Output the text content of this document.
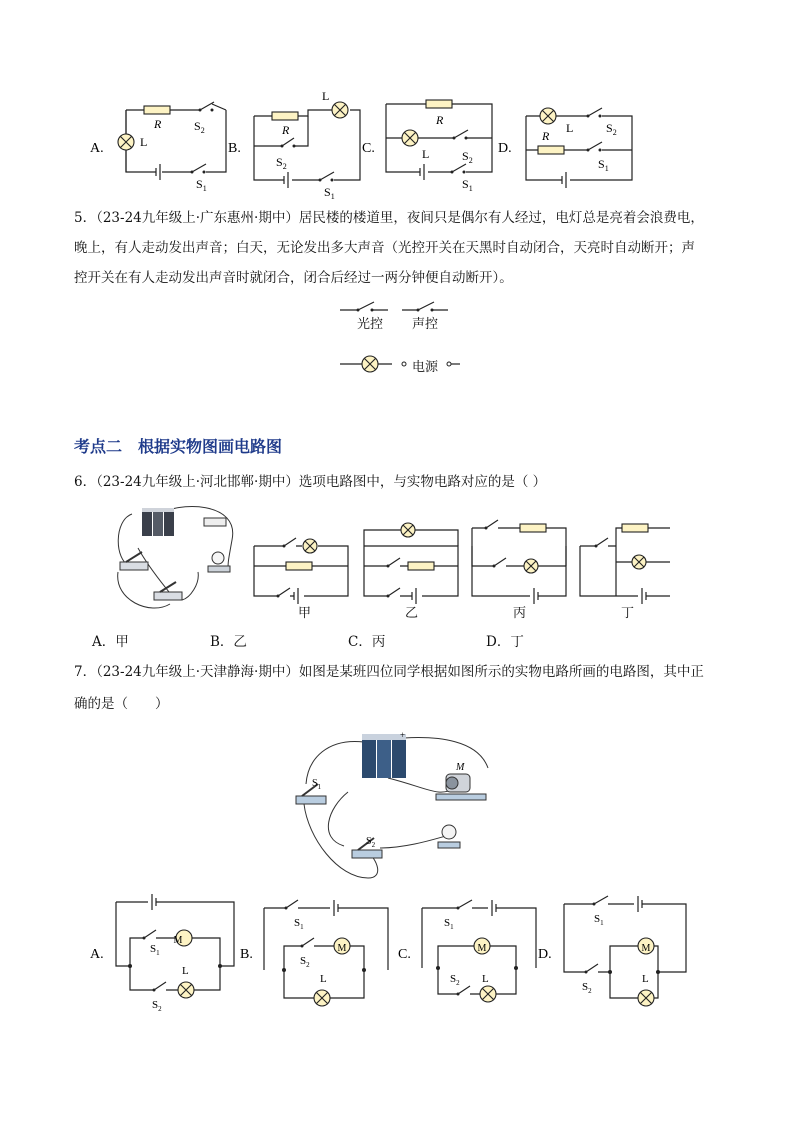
A.
R	$S_2$
L
$S_1$
B.
R
L
$S_2$
$S_1$
C.
R
L	$S_2$
$S_1$
D.
L
R
$S_2$
$S_1$
5．（23-24九年级上·广东惠州·期中）居民楼的楼道里，夜间只是偶尔有人经过，电灯总是亮着会浪费电，
晚上，有人走动发出声音；白天，无论发出多大声音（光控开关在天黑时自动闭合，天亮时自动断开；声
控开关在有人走动发出声音时就闭合，闭合后经过一两分钟便自动断开）。
光控 声控
电源
考点二　根据实物图画电路图
6．（23-24九年级上·河北邯郸·期中）选项电路图中，与实物电路对应的是（ ）
甲	乙	丙	丁
A．甲	B．乙	C．丙	D．丁
7．（23-24九年级上·天津静海·期中）如图是某班四位同学根据如图所示的实物电路所画的电路图，其中正
确的是（　　）
+
M
$S_1$
$S_2$
A.
M
$S_1$
L
$S_2$
B.	M
$S_1$
$S_2$
L
C.	M
$S_1$
$S_2$ L
D.	M
$S_1$
$S_2$
L
